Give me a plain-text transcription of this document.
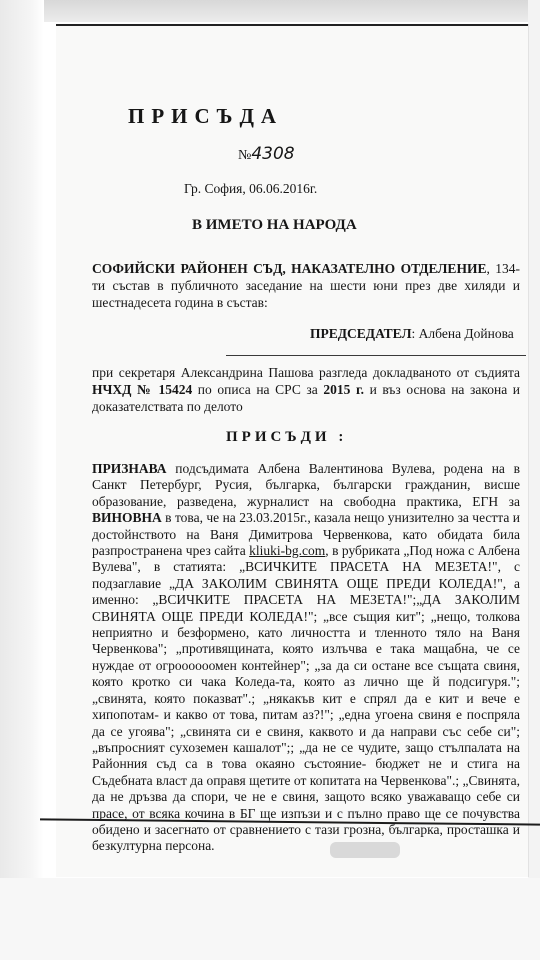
ПРИСЪДА
№4308
Гр. София, 06.06.2016г.
В ИМЕТО НА НАРОДА
СОФИЙСКИ РАЙОНЕН СЪД, НАКАЗАТЕЛНО ОТДЕЛЕНИЕ, 134-ти състав в публичното заседание на шести юни през две хиляди и шестнадесета година в състав:
ПРЕДСЕДАТЕЛ: Албена Дойнова
при секретаря Александрина Пашова разгледа докладваното от съдията НЧХД № 15424 по описа на СРС за 2015 г. и въз основа на закона и доказателствата по делото
ПРИСЪДИ :
ПРИЗНАВА подсъдимата Албена Валентинова Вулева, родена на в Санкт Петербург, Русия, българка, български гражданин, висше образование, разведена, журналист на свободна практика, ЕГН за ВИНОВНА в това, че на 23.03.2015г., казала нещо унизително за честта и достойнството на Ваня Димитрова Червенкова, като обидата била разпространена чрез сайта kliuki-bg.com, в рубриката „Под ножа с Албена Вулева", в статията: „ВСИЧКИТЕ ПРАСЕТА НА МЕЗЕТА!", с подзаглавие „ДА ЗАКОЛИМ СВИНЯТА ОЩЕ ПРЕДИ КОЛЕДА!", а именно: „ВСИЧКИТЕ ПРАСЕТА НА МЕЗЕТА!";„ДА ЗАКОЛИМ СВИНЯТА ОЩЕ ПРЕДИ КОЛЕДА!"; „все същия кит"; „нещо, толкова неприятно и безформено, като личността и тленното тяло на Ваня Червенкова"; „противящината, която излъчва е така мащабна, че се нуждае от огроооооомен контейнер"; „за да си остане все същата свиня, която кротко си чака Коледа-та, която аз лично ще й подсигуря."; „свинята, която показват".; „някакъв кит е спрял да е кит и вече е хипопотам- и какво от това, питам аз?!"; „една угоена свиня е поспряла да се угоява"; „свинята си е свиня, каквото и да направи със себе си"; „въпросният сухоземен кашалот";; „да не се чудите, защо стълпалата на Районния съд са в това окаяно състояние- бюджет не и стига на Съдебната власт да оправя щетите от копитата на Червенкова".; „Свинята, да не дръзва да спори, че не е свиня, защото всяко уважаващо себе си прасе, от всяка кочина в БГ ще изпъзи и с пълно право ще се почувства обидено и засегнато от сравнението с тази грозна, българка, просташка и безкултурна персона.
